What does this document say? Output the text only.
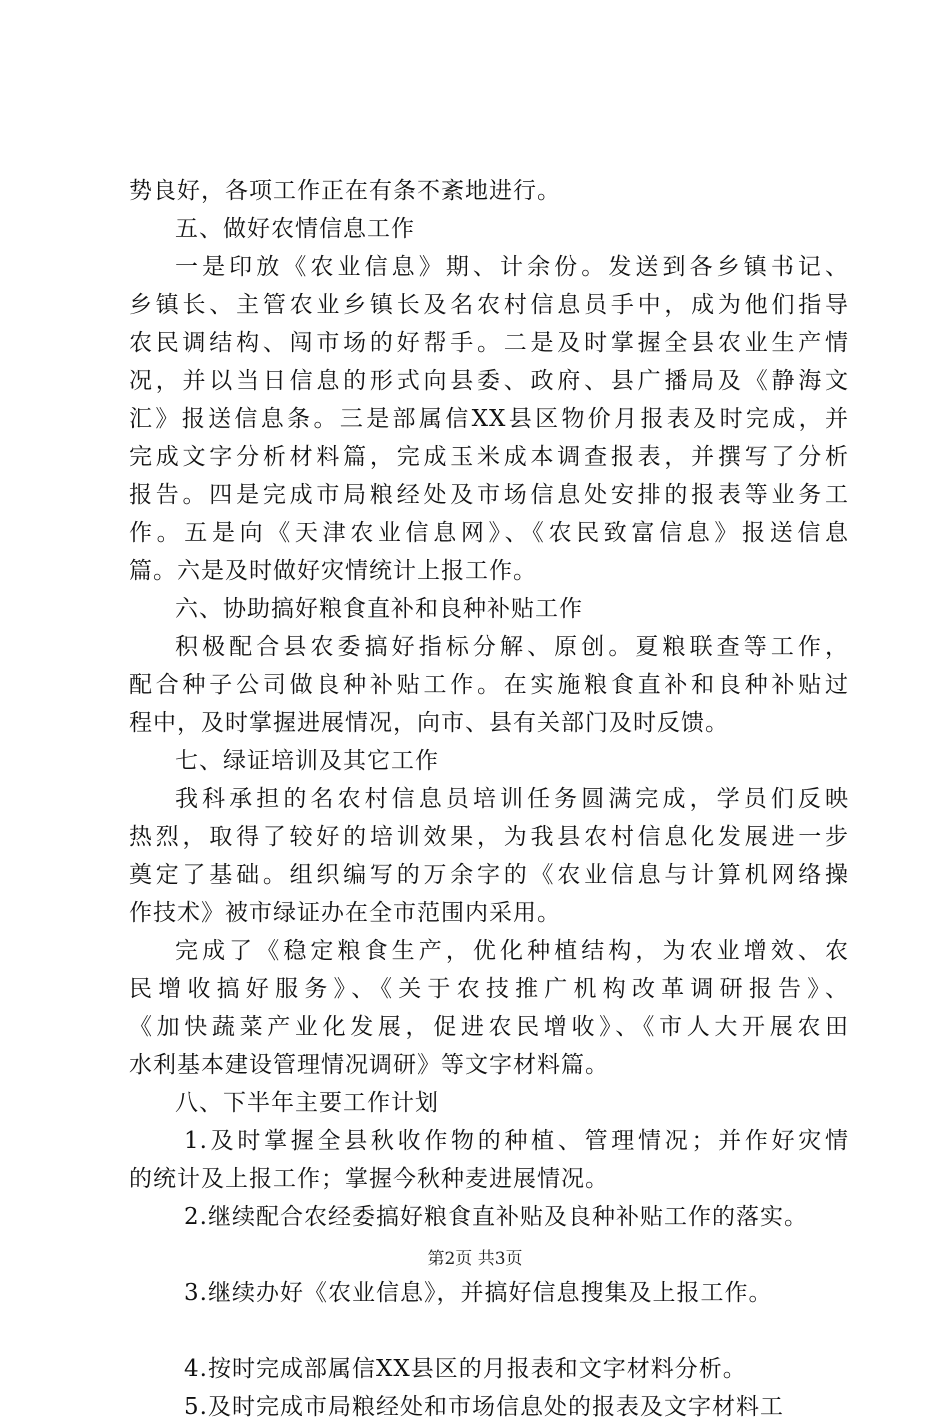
势良好，各项工作正在有条不紊地进行。
五、做好农情信息工作
一是印放《农业信息》期、计余份。发送到各乡镇书记、
乡镇长、主管农业乡镇长及名农村信息员手中，成为他们指导
农民调结构、闯市场的好帮手。二是及时掌握全县农业生产情
况，并以当日信息的形式向县委、政府、县广播局及《静海文
汇》报送信息条。三是部属信XX县区物价月报表及时完成，并
完成文字分析材料篇，完成玉米成本调查报表，并撰写了分析
报告。四是完成市局粮经处及市场信息处安排的报表等业务工
作。五是向《天津农业信息网》、《农民致富信息》报送信息
篇。六是及时做好灾情统计上报工作。
六、协助搞好粮食直补和良种补贴工作
积极配合县农委搞好指标分解、原创。夏粮联查等工作，
配合种子公司做良种补贴工作。在实施粮食直补和良种补贴过
程中，及时掌握进展情况，向市、县有关部门及时反馈。
七、绿证培训及其它工作
我科承担的名农村信息员培训任务圆满完成，学员们反映
热烈，取得了较好的培训效果，为我县农村信息化发展进一步
奠定了基础。组织编写的万余字的《农业信息与计算机网络操
作技术》被市绿证办在全市范围内采用。
完成了《稳定粮食生产，优化种植结构，为农业增效、农
民增收搞好服务》、《关于农技推广机构改革调研报告》、
《加快蔬菜产业化发展，促进农民增收》、《市人大开展农田
水利基本建设管理情况调研》等文字材料篇。
八、下半年主要工作计划
1.及时掌握全县秋收作物的种植、管理情况；并作好灾情
的统计及上报工作；掌握今秋种麦进展情况。
2.继续配合农经委搞好粮食直补贴及良种补贴工作的落实。
3.继续办好《农业信息》，并搞好信息搜集及上报工作。
4.按时完成部属信XX县区的月报表和文字材料分析。
5.及时完成市局粮经处和市场信息处的报表及文字材料工
第2页 共3页
